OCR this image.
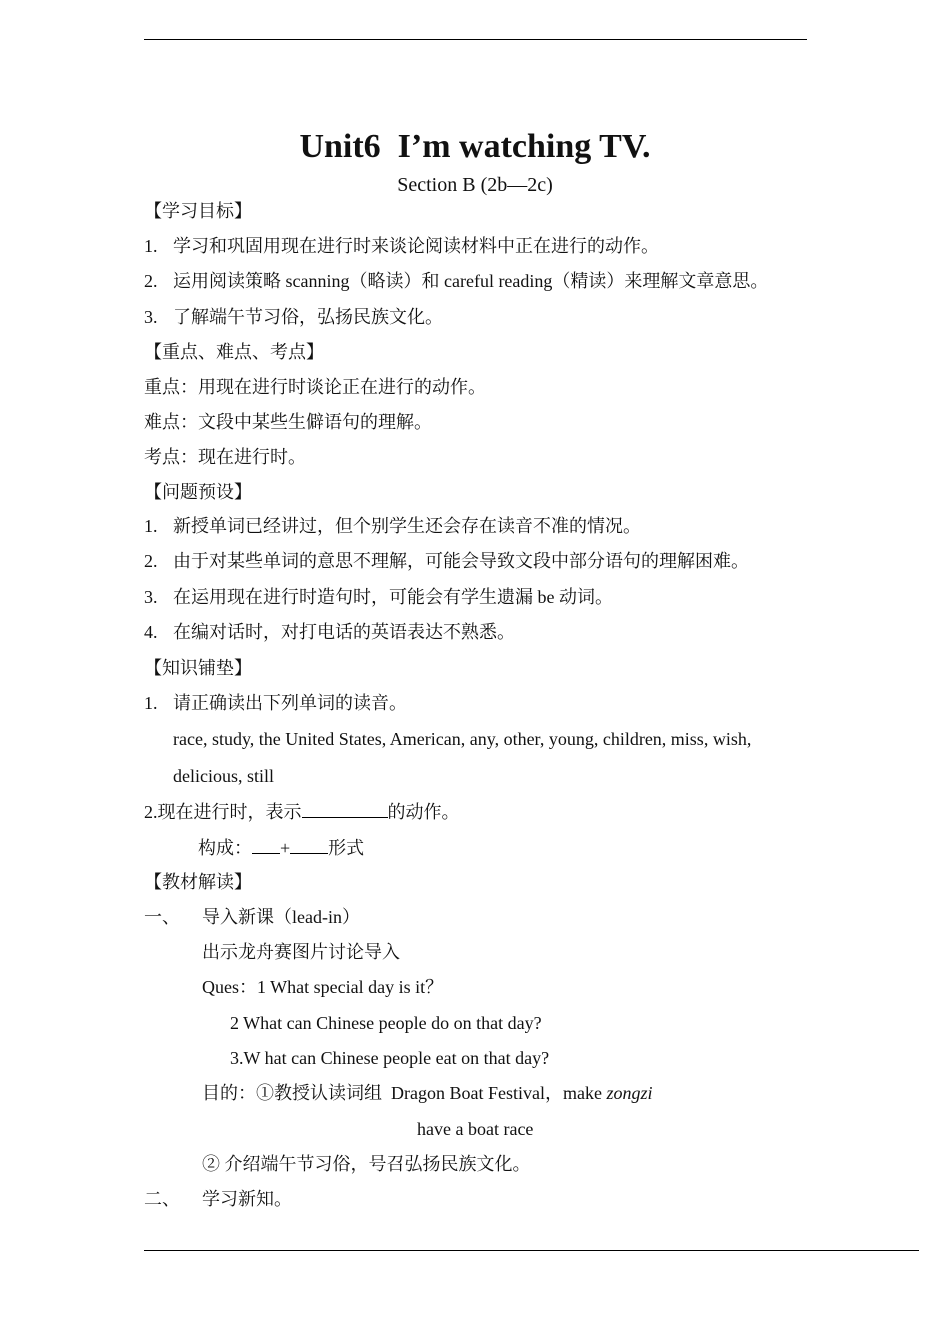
Unit6  I’m watching TV.
Section B (2b—2c)
【学习目标】
1. 学习和巩固用现在进行时来谈论阅读材料中正在进行的动作。
2. 运用阅读策略 scanning（略读）和 careful reading（精读）来理解文章意思。
3. 了解端午节习俗，弘扬民族文化。
【重点、难点、考点】
重点：用现在进行时谈论正在进行的动作。
难点：文段中某些生僻语句的理解。
考点：现在进行时。
【问题预设】
1. 新授单词已经讲过，但个别学生还会存在读音不准的情况。
2. 由于对某些单词的意思不理解，可能会导致文段中部分语句的理解困难。
3. 在运用现在进行时造句时，可能会有学生遗漏 be 动词。
4. 在编对话时，对打电话的英语表达不熟悉。
【知识铺垫】
1. 请正确读出下列单词的读音。
race, study, the United States, American, any, other, young, children, miss, wish,
delicious, still
2.现在进行时，表示	的动作。
构成： + 形式
【教材解读】
一、 导入新课（lead-in）
出示龙舟赛图片讨论导入
Ques：1 What special day is it？
2 What can Chinese people do on that day?
3.W hat can Chinese people eat on that day?
目的：①教授认读词组  Dragon Boat Festival，make zongzi
have a boat race
② 介绍端午节习俗，号召弘扬民族文化。
二、 学习新知。
